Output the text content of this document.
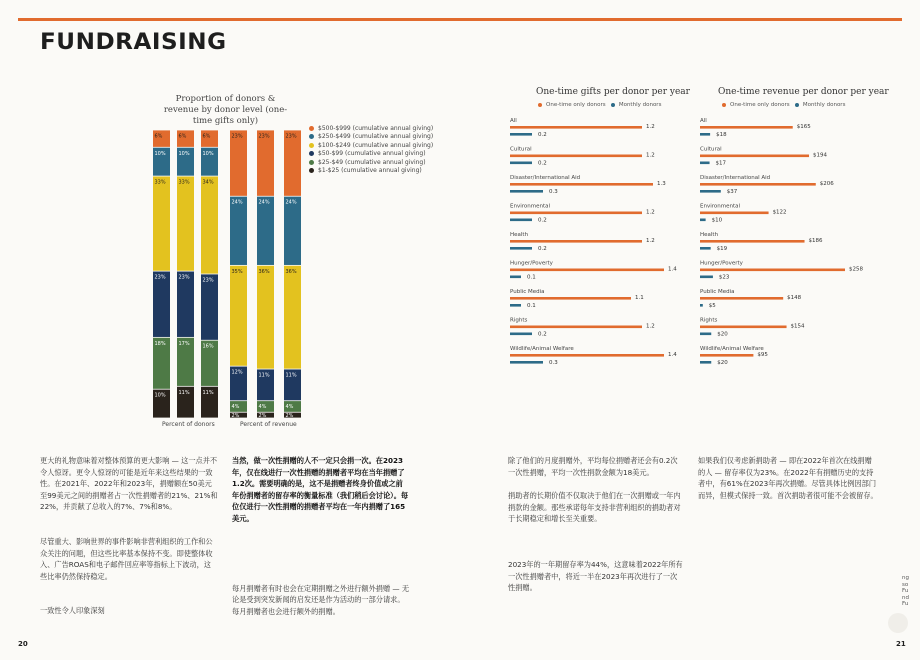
FUNDRAISING
Proportion of donors & revenue by donor level (one-time gifts only)
10%
18%
23%
33%
10%
6%
11%
17%
23%
33%
10%
6%
11%
16%
23%
34%
10%
6%
2%
4%
12%
35%
24%
23%
2%
4%
11%
36%
24%
23%
2%
4%
11%
36%
24%
23%
$500-$999 (cumulative annual giving)
$250-$499 (cumulative annual giving)
$100-$249 (cumulative annual giving)
$50-$99 (cumulative annual giving)
$25-$49 (cumulative annual giving)
$1-$25 (cumulative annual giving)
Percent of donors	Percent of revenue
One-time gifts per donor per year
One-time only donors Monthly donors
All
1.2
0.2
Cultural
1.2
0.2
Disaster/International Aid
1.3
0.3
Environmental
1.2
0.2
Health
1.2
0.2
Hunger/Poverty
1.4
0.1
Public Media
1.1
0.1
Rights
1.2
0.2
Wildlife/Animal Welfare
1.4
0.3
One-time revenue per donor per year
One-time only donors Monthly donors
All
$165
$18
Cultural
$194
$17
Disaster/International Aid
$206
$37
Environmental
$122
$10
Health
$186
$19
Hunger/Poverty
$258
$23
Public Media
$148
$5
Rights
$154
$20
Wildlife/Animal Welfare
$95
$20

更大的礼物意味着对整体预算的更大影响 — 这一点并不令人惊讶。更令人惊讶的可能是近年来这些结果的一致性。在2021年、2022年和2023年，捐赠额在50美元至99美元之间的捐赠者占一次性捐赠者的21%、21%和22%，并贡献了总收入的7%、7%和8%。

尽管重大、影响世界的事件影响非营利组织的工作和公众关注的问题，但这些比率基本保持不变。即使整体收入、广告ROAS和电子邮件回应率等指标上下波动，这些比率仍然保持稳定。

一致性令人印象深刻

当然，做一次性捐赠的人不一定只会捐一次。在2023年，仅在线进行一次性捐赠的捐赠者平均在当年捐赠了1.2次。需要明确的是，这不是捐赠者终身价值或之前年份捐赠者的留存率的衡量标准（我们稍后会讨论）。每位仅进行一次性捐赠的捐赠者平均在一年内捐赠了165美元。

每月捐赠者有时也会在定期捐赠之外进行额外捐赠 — 无论是受到突发新闻的启发还是作为活动的一部分请求。每月捐赠者也会进行额外的捐赠。

除了他们的月度捐赠外，平均每位捐赠者还会有0.2次一次性捐赠，平均一次性捐款金额为18美元。

捐助者的长期价值不仅取决于他们在一次捐赠或一年内捐款的金额。那些承诺每年支持非营利组织的捐助者对于长期稳定和增长至关重要。

2023年的一年期留存率为44%，这意味着2022年所有一次性捐赠者中，将近一半在2023年再次进行了一次性捐赠。

如果我们仅考虑新捐助者 — 即在2022年首次在线捐赠的人 — 留存率仅为23%。在2022年有捐赠历史的支持者中，有61%在2023年再次捐赠。尽管具体比例因部门而异，但模式保持一致。首次捐助者很可能不会被留存。

ng
so
Fu
nd
Fu
20	21
